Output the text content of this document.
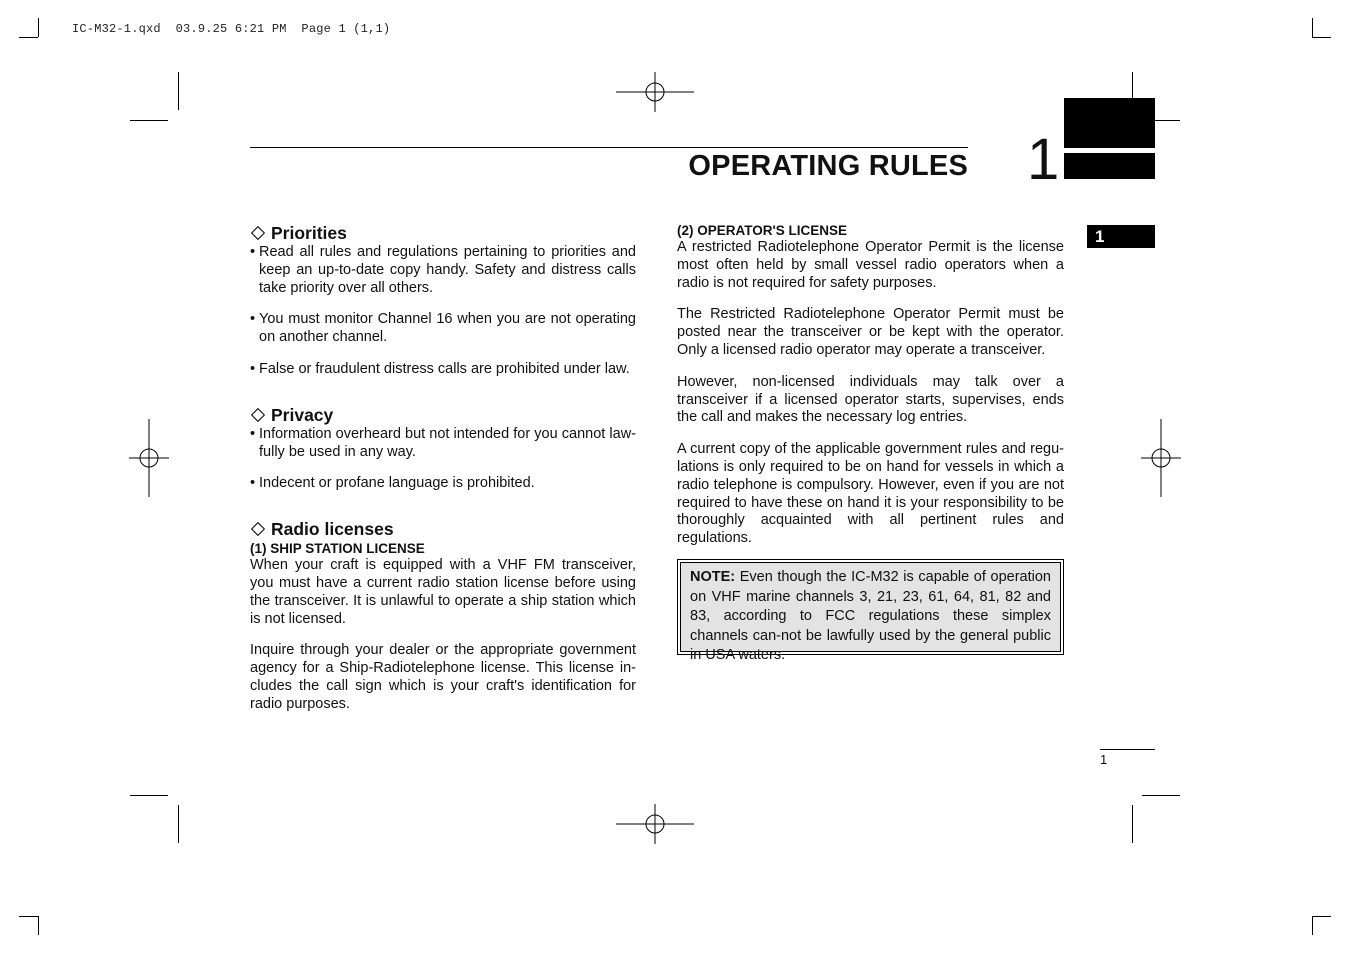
IC-M32-1.qxd  03.9.25 6:21 PM  Page 1 (1,1)
OPERATING RULES 1
1
Priorities

• Read all rules and regulations pertaining to priorities and keep an up-to-date copy handy. Safety and distress calls take priority over all others.

• You must monitor Channel 16 when you are not operating on another channel.

• False or fraudulent distress calls are prohibited under law.

Privacy

• Information overheard but not intended for you cannot law-fully be used in any way.

• Indecent or profane language is prohibited.

Radio licenses
(1) SHIP STATION LICENSE

When your craft is equipped with a VHF FM transceiver, you must have a current radio station license before using the transceiver. It is unlawful to operate a ship station which is not licensed.

Inquire through your dealer or the appropriate government agency for a Ship-Radiotelephone license. This license in-cludes the call sign which is your craft's identification for radio purposes.

(2) OPERATOR'S LICENSE

A restricted Radiotelephone Operator Permit is the license most often held by small vessel radio operators when a radio is not required for safety purposes.

The Restricted Radiotelephone Operator Permit must be posted near the transceiver or be kept with the operator. Only a licensed radio operator may operate a transceiver.

However, non-licensed individuals may talk over a transceiver if a licensed operator starts, supervises, ends the call and makes the necessary log entries.

A current copy of the applicable government rules and regu-lations is only required to be on hand for vessels in which a radio telephone is compulsory. However, even if you are not required to have these on hand it is your responsibility to be thoroughly acquainted with all pertinent rules and regulations.

NOTE: Even though the IC-M32 is capable of operation on VHF marine channels 3, 21, 23, 61, 64, 81, 82 and 83, according to FCC regulations these simplex channels can-not be lawfully used by the general public in USA waters.
1
